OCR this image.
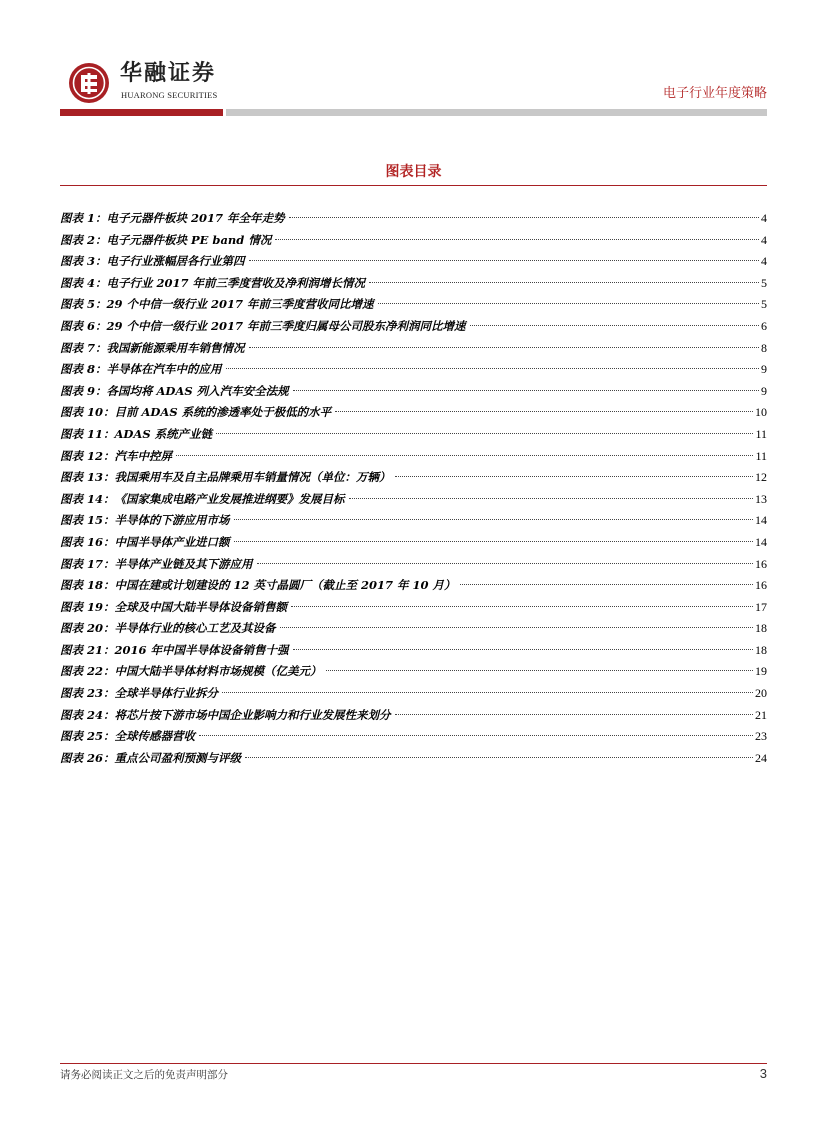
华融证券
HUARONG SECURITIES	电子行业年度策略
图表目录
图表 1：电子元器件板块 2017 年全年走势	4
图表 2：电子元器件板块 PE band 情况	4
图表 3：电子行业涨幅居各行业第四	4
图表 4：电子行业 2017 年前三季度营收及净利润增长情况	5
图表 5：29 个中信一级行业 2017 年前三季度营收同比增速	5
图表 6：29 个中信一级行业 2017 年前三季度归属母公司股东净利润同比增速	6
图表 7：我国新能源乘用车销售情况	8
图表 8：半导体在汽车中的应用	9
图表 9：各国均将 ADAS 列入汽车安全法规	9
图表 10：目前 ADAS 系统的渗透率处于极低的水平	10
图表 11：ADAS 系统产业链	11
图表 12：汽车中控屏	11
图表 13：我国乘用车及自主品牌乘用车销量情况（单位：万辆）	12
图表 14：《国家集成电路产业发展推进纲要》发展目标	13
图表 15：半导体的下游应用市场	14
图表 16：中国半导体产业进口额	14
图表 17：半导体产业链及其下游应用	16
图表 18：中国在建或计划建设的 12 英寸晶圆厂（截止至 2017 年 10 月）	16
图表 19：全球及中国大陆半导体设备销售额	17
图表 20：半导体行业的核心工艺及其设备	18
图表 21：2016 年中国半导体设备销售十强	18
图表 22：中国大陆半导体材料市场规模（亿美元）	19
图表 23：全球半导体行业拆分	20
图表 24：将芯片按下游市场中国企业影响力和行业发展性来划分	21
图表 25：全球传感器营收	23
图表 26：重点公司盈利预测与评级	24
请务必阅读正文之后的免责声明部分	3
